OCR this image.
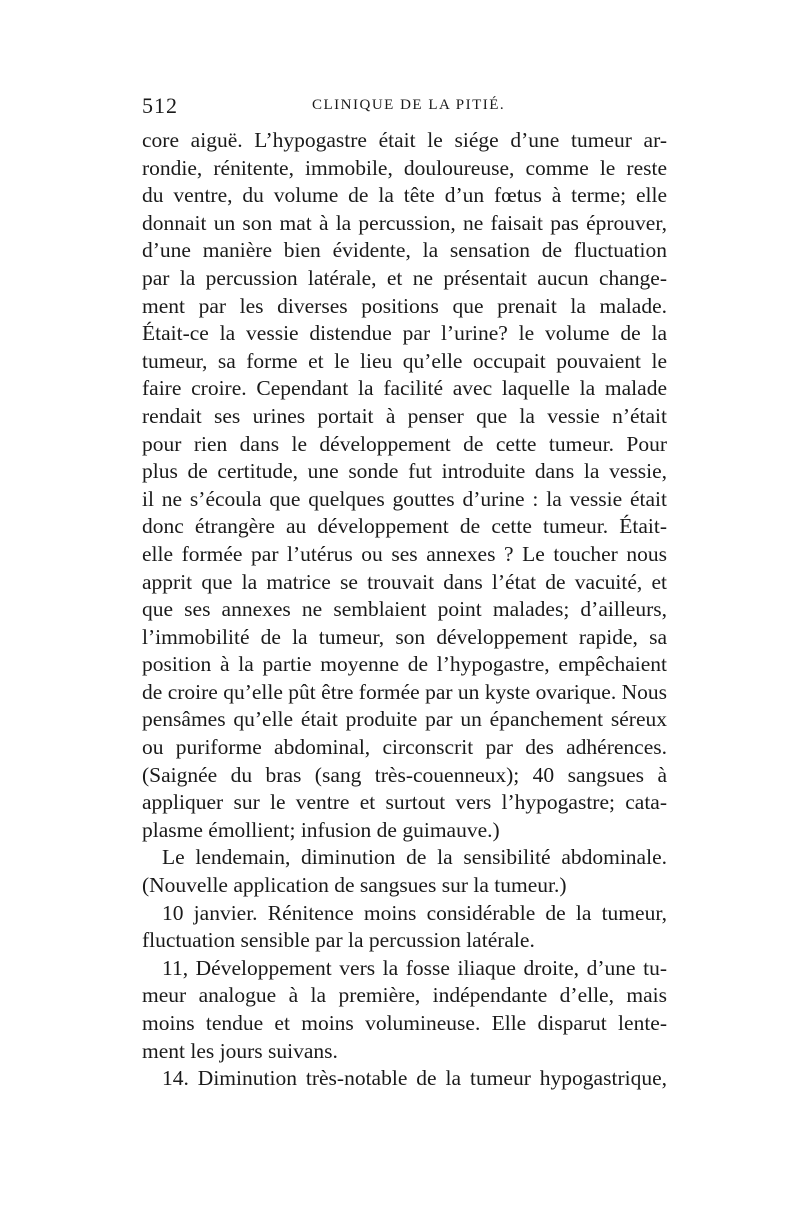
512	CLINIQUE DE LA PITIÉ.
core aiguë. L’hypogastre était le siége d’une tumeur ar-
rondie, rénitente, immobile, douloureuse, comme le reste
du ventre, du volume de la tête d’un fœtus à terme; elle
donnait un son mat à la percussion, ne faisait pas éprouver,
d’une manière bien évidente, la sensation de fluctuation
par la percussion latérale, et ne présentait aucun change-
ment par les diverses positions que prenait la malade.
Était-ce la vessie distendue par l’urine? le volume de la
tumeur, sa forme et le lieu qu’elle occupait pouvaient le
faire croire. Cependant la facilité avec laquelle la malade
rendait ses urines portait à penser que la vessie n’était
pour rien dans le développement de cette tumeur. Pour
plus de certitude, une sonde fut introduite dans la vessie,
il ne s’écoula que quelques gouttes d’urine : la vessie était
donc étrangère au développement de cette tumeur. Était-
elle formée par l’utérus ou ses annexes ? Le toucher nous
apprit que la matrice se trouvait dans l’état de vacuité, et
que ses annexes ne semblaient point malades; d’ailleurs,
l’immobilité de la tumeur, son développement rapide, sa
position à la partie moyenne de l’hypogastre, empêchaient
de croire qu’elle pût être formée par un kyste ovarique. Nous
pensâmes qu’elle était produite par un épanchement séreux
ou puriforme abdominal, circonscrit par des adhérences.
(Saignée du bras (sang très-couenneux); 40 sangsues à
appliquer sur le ventre et surtout vers l’hypogastre; cata-
plasme émollient; infusion de guimauve.)
Le lendemain, diminution de la sensibilité abdominale.
(Nouvelle application de sangsues sur la tumeur.)
10 janvier. Rénitence moins considérable de la tumeur,
fluctuation sensible par la percussion latérale.
11, Développement vers la fosse iliaque droite, d’une tu-
meur analogue à la première, indépendante d’elle, mais
moins tendue et moins volumineuse. Elle disparut lente-
ment les jours suivans.
14. Diminution très-notable de la tumeur hypogastrique,
